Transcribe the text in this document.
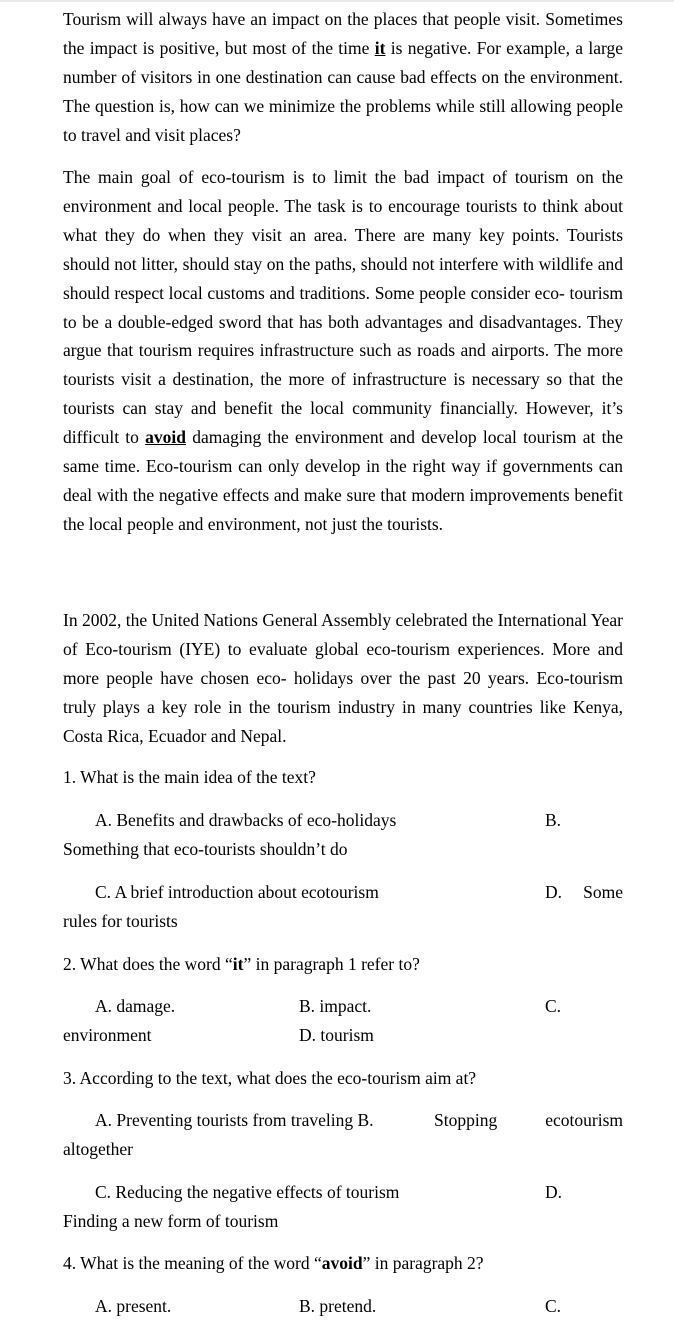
Tourism will always have an impact on the places that people visit. Sometimes the impact is positive, but most of the time it is negative. For example, a large number of visitors in one destination can cause bad effects on the environment. The question is, how can we minimize the problems while still allowing people to travel and visit places?

The main goal of eco-tourism is to limit the bad impact of tourism on the environment and local people. The task is to encourage tourists to think about what they do when they visit an area. There are many key points. Tourists should not litter, should stay on the paths, should not interfere with wildlife and should respect local customs and traditions. Some people consider eco- tourism to be a double-edged sword that has both advantages and disadvantages. They argue that tourism requires infrastructure such as roads and airports. The more tourists visit a destination, the more of infrastructure is necessary so that the tourists can stay and benefit the local community financially. However, it’s difficult to avoid damaging the environment and develop local tourism at the same time. Eco-tourism can only develop in the right way if governments can deal with the negative effects and make sure that modern improvements benefit the local people and environment, not just the tourists.

In 2002, the United Nations General Assembly celebrated the International Year of Eco-tourism (IYE) to evaluate global eco-tourism experiences. More and more people have chosen eco- holidays over the past 20 years. Eco-tourism truly plays a key role in the tourism industry in many countries like Kenya, Costa Rica, Ecuador and Nepal.

1. What is the main idea of the text?
A. Benefits and drawbacks of eco-holidays	B.
Something that eco-tourists shouldn’t do
C. A brief introduction about ecotourism	D. Some
rules for tourists
2. What does the word “it” in paragraph 1 refer to?
A. damage.	B. impact.	C.
environment	D. tourism
3. According to the text, what does the eco-tourism aim at?
A. Preventing tourists from traveling B.	Stopping	ecotourism
altogether
C. Reducing the negative effects of tourism	D.
Finding a new form of tourism
4. What is the meaning of the word “avoid” in paragraph 2?
A. present.	B. pretend.	C.
